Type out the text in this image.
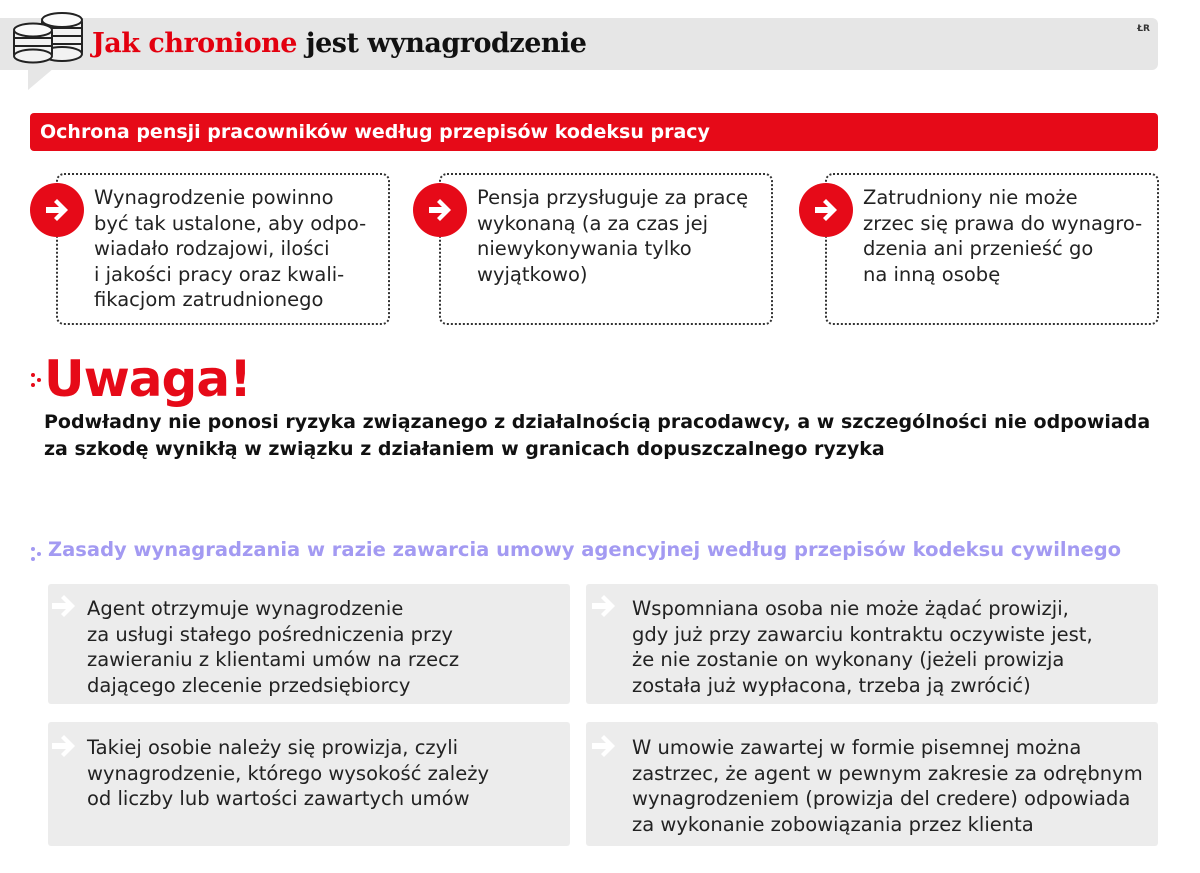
Jak chronione jest wynagrodzenie	ŁR
Ochrona pensji pracowników według przepisów kodeksu pracy
Wynagrodzenie powinno
być tak ustalone, aby odpo-
wiadało rodzajowi, ilości
i jakości pracy oraz kwali-
fikacjom zatrudnionego
Pensja przysługuje za pracę
wykonaną (a za czas jej
niewykonywania tylko
wyjątkowo)
Zatrudniony nie może
zrzec się prawa do wynagro-
dzenia ani przenieść go
na inną osobę
Uwaga!
Podwładny nie ponosi ryzyka związanego z działalnością pracodawcy, a w szczególności nie odpowiada
za szkodę wynikłą w związku z działaniem w granicach dopuszczalnego ryzyka
Zasady wynagradzania w razie zawarcia umowy agencyjnej według przepisów kodeksu cywilnego
Agent otrzymuje wynagrodzenie
za usługi stałego pośredniczenia przy
zawieraniu z klientami umów na rzecz
dającego zlecenie przedsiębiorcy
Wspomniana osoba nie może żądać prowizji,
gdy już przy zawarciu kontraktu oczywiste jest,
że nie zostanie on wykonany (jeżeli prowizja
została już wypłacona, trzeba ją zwrócić)
Takiej osobie należy się prowizja, czyli
wynagrodzenie, którego wysokość zależy
od liczby lub wartości zawartych umów
W umowie zawartej w formie pisemnej można
zastrzec, że agent w pewnym zakresie za odrębnym
wynagrodzeniem (prowizja del credere) odpowiada
za wykonanie zobowiązania przez klienta
